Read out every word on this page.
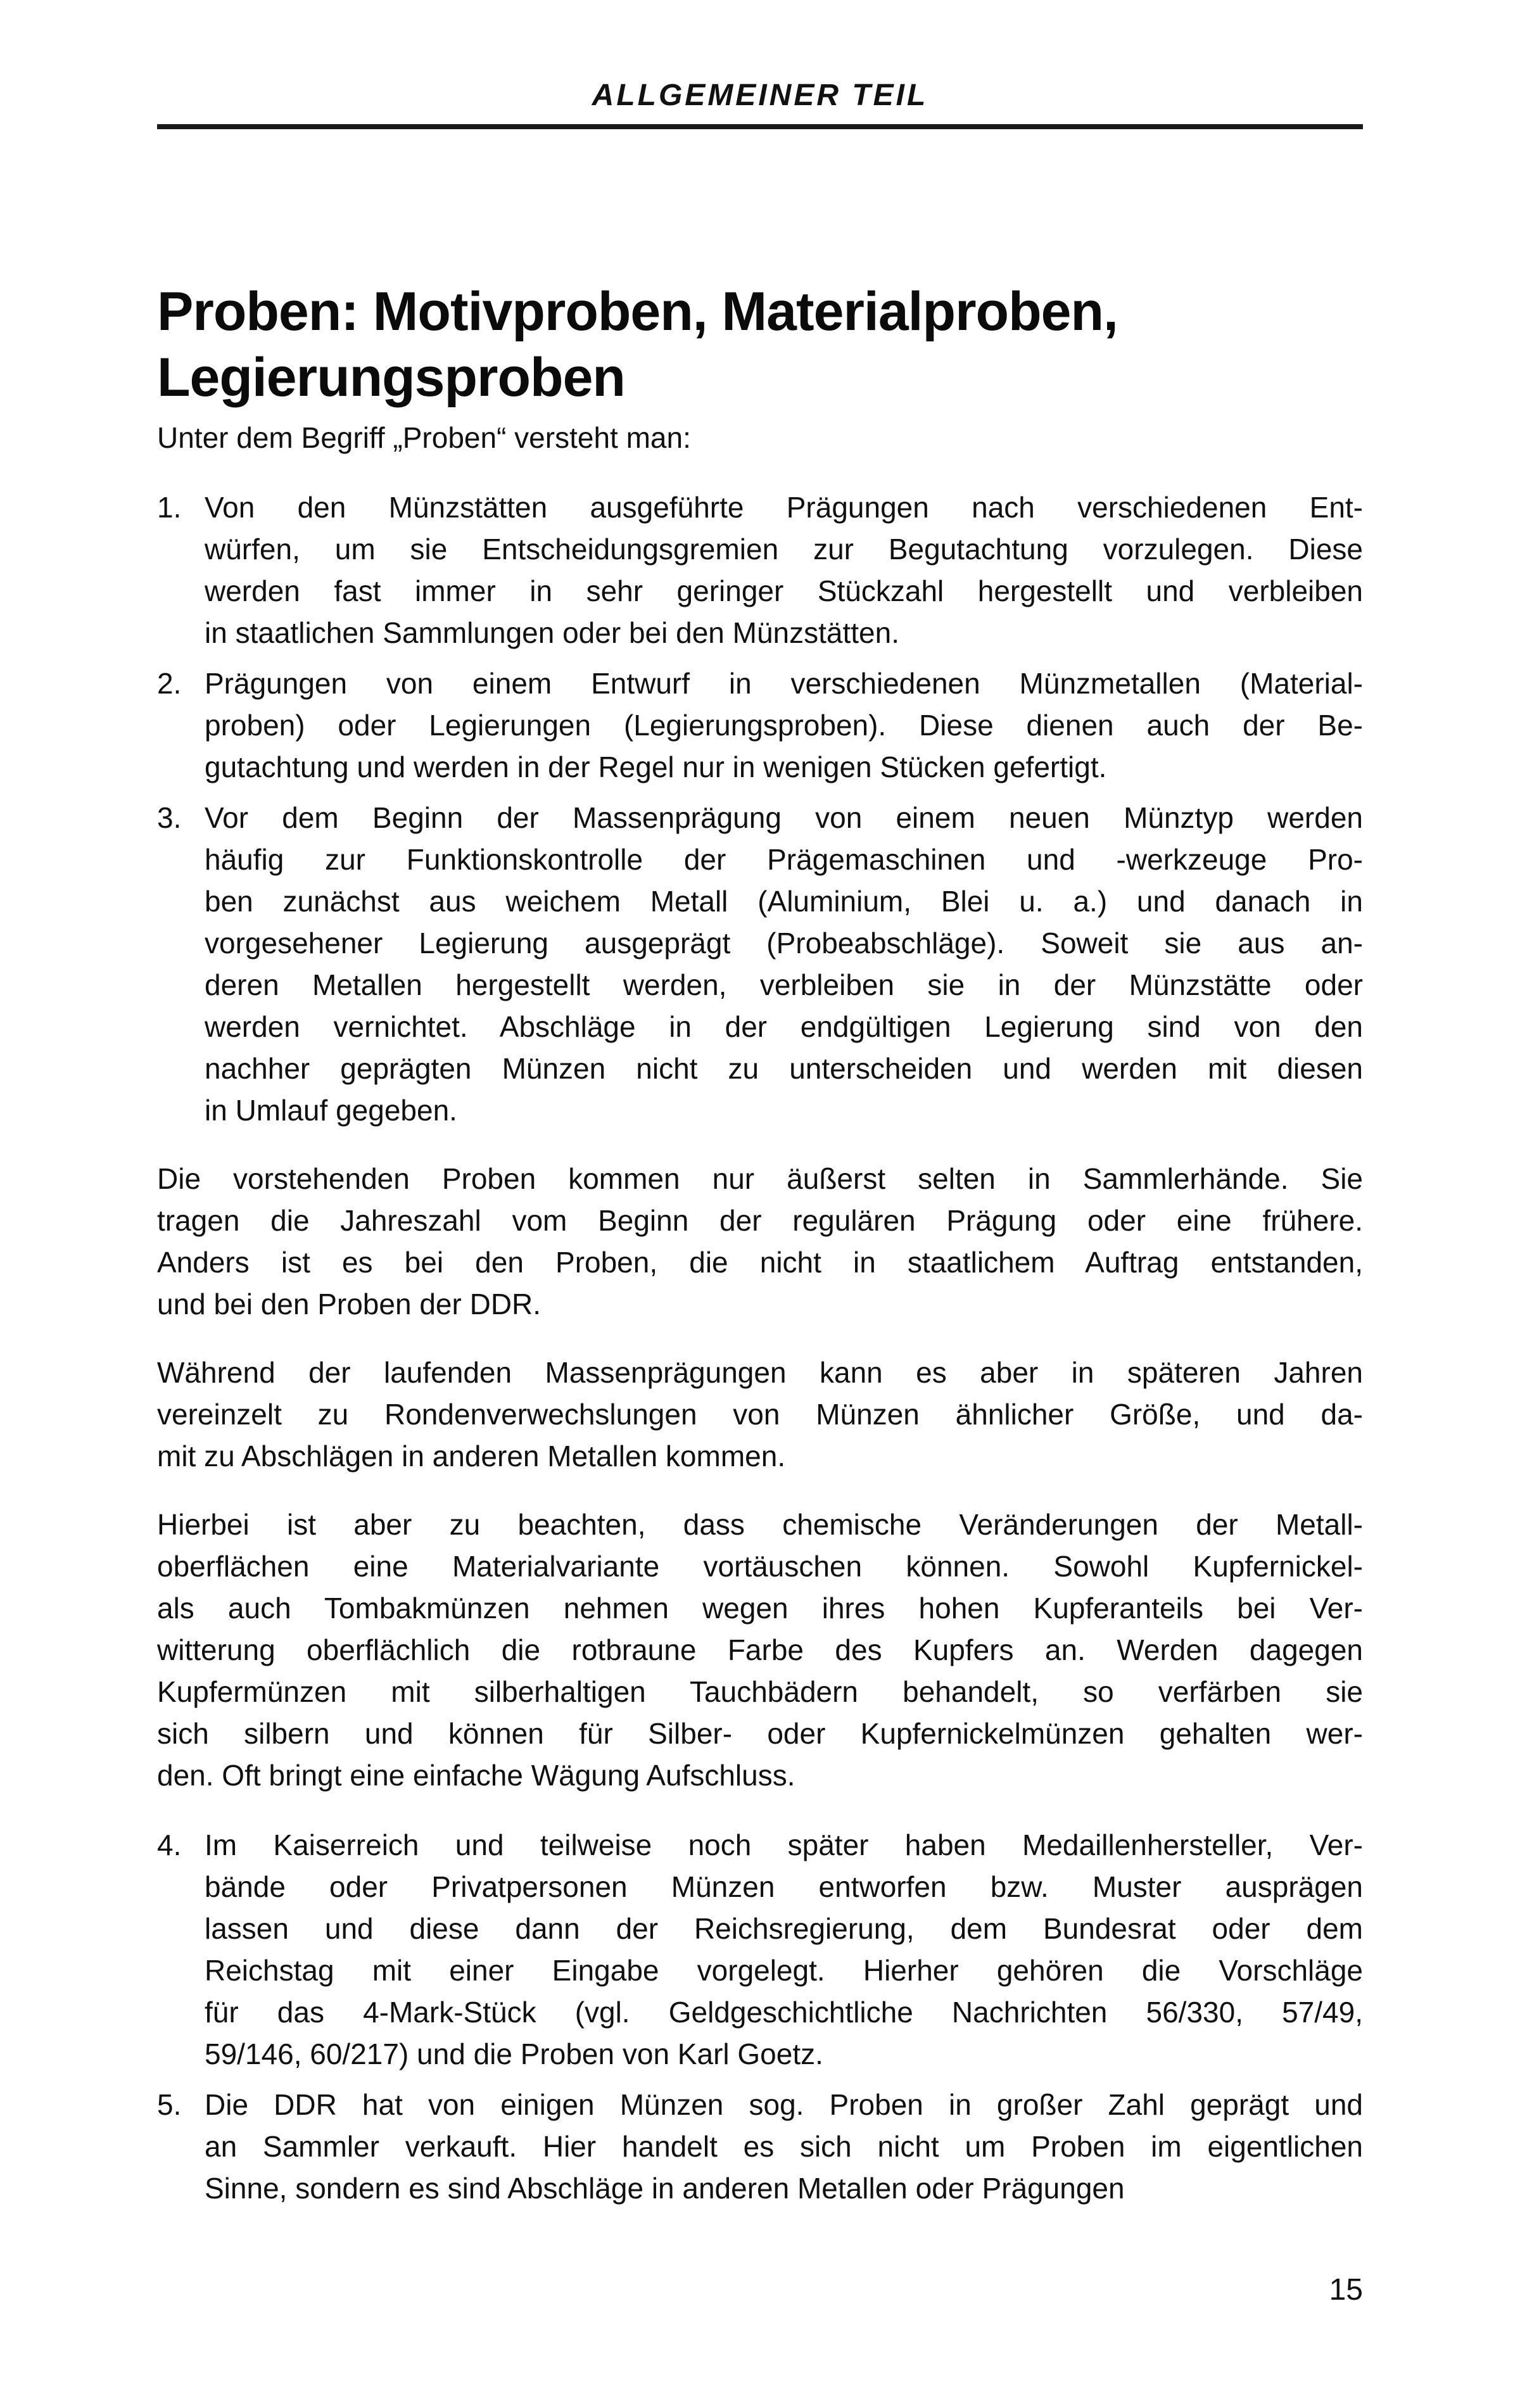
ALLGEMEINER TEIL
Proben: Motivproben, Materialproben, Legierungsproben
Unter dem Begriff „Proben“ versteht man:
1. Von den Münzstätten ausgeführte Prägungen nach verschiedenen Ent-
würfen, um sie Entscheidungsgremien zur Begutachtung vorzulegen. Diese
werden fast immer in sehr geringer Stückzahl hergestellt und verbleiben
in staatlichen Sammlungen oder bei den Münzstätten.
2. Prägungen von einem Entwurf in verschiedenen Münzmetallen (Material-
proben) oder Legierungen (Legierungsproben). Diese dienen auch der Be-
gutachtung und werden in der Regel nur in wenigen Stücken gefertigt.
3. Vor dem Beginn der Massenprägung von einem neuen Münztyp werden
häufig zur Funktionskontrolle der Prägemaschinen und -werkzeuge Pro-
ben zunächst aus weichem Metall (Aluminium, Blei u. a.) und danach in
vorgesehener Legierung ausgeprägt (Probeabschläge). Soweit sie aus an-
deren Metallen hergestellt werden, verbleiben sie in der Münzstätte oder
werden vernichtet. Abschläge in der endgültigen Legierung sind von den
nachher geprägten Münzen nicht zu unterscheiden und werden mit diesen
in Umlauf gegeben.
Die vorstehenden Proben kommen nur äußerst selten in Sammlerhände. Sie
tragen die Jahreszahl vom Beginn der regulären Prägung oder eine frühere.
Anders ist es bei den Proben, die nicht in staatlichem Auftrag entstanden,
und bei den Proben der DDR.
Während der laufenden Massenprägungen kann es aber in späteren Jahren
vereinzelt zu Rondenverwechslungen von Münzen ähnlicher Größe, und da-
mit zu Abschlägen in anderen Metallen kommen.
Hierbei ist aber zu beachten, dass chemische Veränderungen der Metall-
oberflächen eine Materialvariante vortäuschen können. Sowohl Kupfernickel-
als auch Tombakmünzen nehmen wegen ihres hohen Kupferanteils bei Ver-
witterung oberflächlich die rotbraune Farbe des Kupfers an. Werden dagegen
Kupfermünzen mit silberhaltigen Tauchbädern behandelt, so verfärben sie
sich silbern und können für Silber- oder Kupfernickelmünzen gehalten wer-
den. Oft bringt eine einfache Wägung Aufschluss.
4. Im Kaiserreich und teilweise noch später haben Medaillenhersteller, Ver-
bände oder Privatpersonen Münzen entworfen bzw. Muster ausprägen
lassen und diese dann der Reichsregierung, dem Bundesrat oder dem
Reichstag mit einer Eingabe vorgelegt. Hierher gehören die Vorschläge
für das 4-Mark-Stück (vgl. Geldgeschichtliche Nachrichten 56/330, 57/49,
59/146, 60/217) und die Proben von Karl Goetz.
5. Die DDR hat von einigen Münzen sog. Proben in großer Zahl geprägt und
an Sammler verkauft. Hier handelt es sich nicht um Proben im eigentlichen
Sinne, sondern es sind Abschläge in anderen Metallen oder Prägungen
15
